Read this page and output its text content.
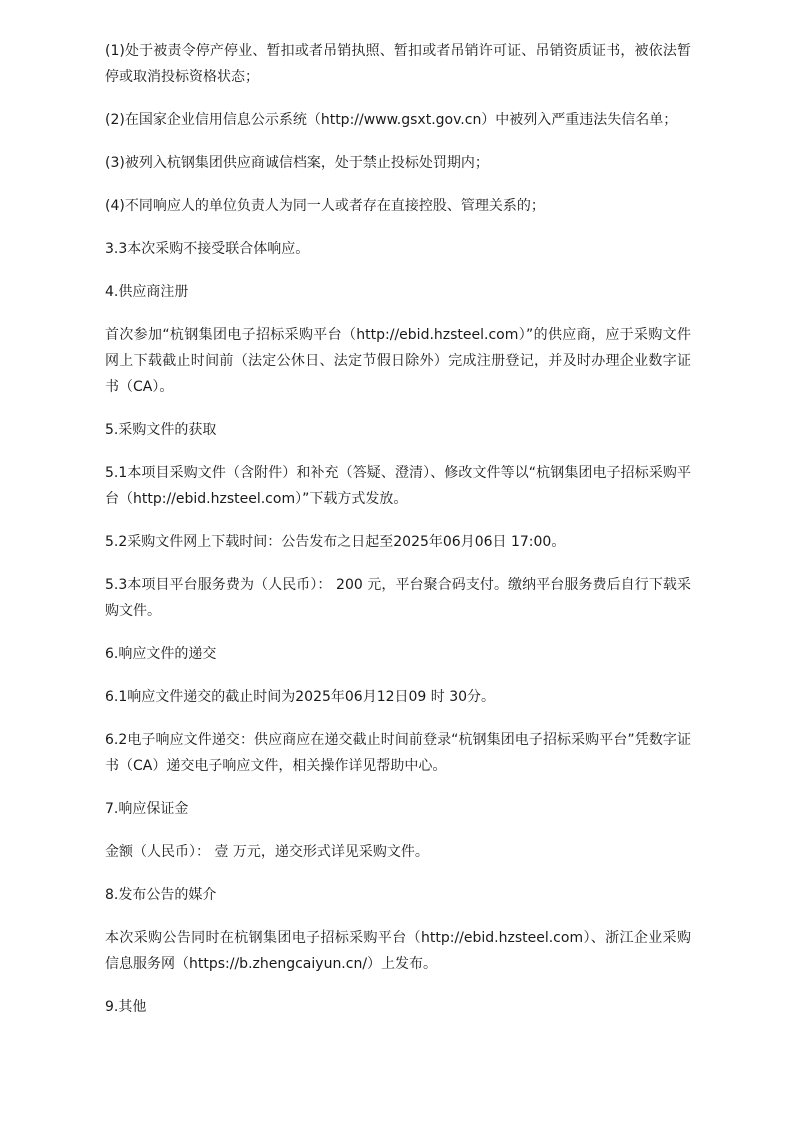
(1)处于被责令停产停业、暂扣或者吊销执照、暂扣或者吊销许可证、吊销资质证书，被依法暂停或取消投标资格状态；

(2)在国家企业信用信息公示系统（http://www.gsxt.gov.cn）中被列入严重违法失信名单；

(3)被列入杭钢集团供应商诚信档案，处于禁止投标处罚期内；

(4)不同响应人的单位负责人为同一人或者存在直接控股、管理关系的；

3.3本次采购不接受联合体响应。

4.供应商注册

首次参加“杭钢集团电子招标采购平台（http://ebid.hzsteel.com）”的供应商，应于采购文件网上下载截止时间前（法定公休日、法定节假日除外）完成注册登记，并及时办理企业数字证书（CA）。

5.采购文件的获取

5.1本项目采购文件（含附件）和补充（答疑、澄清）、修改文件等以“杭钢集团电子招标采购平台（http://ebid.hzsteel.com）”下载方式发放。

5.2采购文件网上下载时间：公告发布之日起至2025年06月06日 17:00。

5.3本项目平台服务费为（人民币）： 200 元，平台聚合码支付。缴纳平台服务费后自行下载采购文件。

6.响应文件的递交

6.1响应文件递交的截止时间为2025年06月12日09 时 30分。

6.2电子响应文件递交：供应商应在递交截止时间前登录“杭钢集团电子招标采购平台”凭数字证书（CA）递交电子响应文件，相关操作详见帮助中心。

7.响应保证金

金额（人民币）： 壹 万元，递交形式详见采购文件。

8.发布公告的媒介

本次采购公告同时在杭钢集团电子招标采购平台（http://ebid.hzsteel.com）、浙江企业采购信息服务网（https://b.zhengcaiyun.cn/）上发布。

9.其他
